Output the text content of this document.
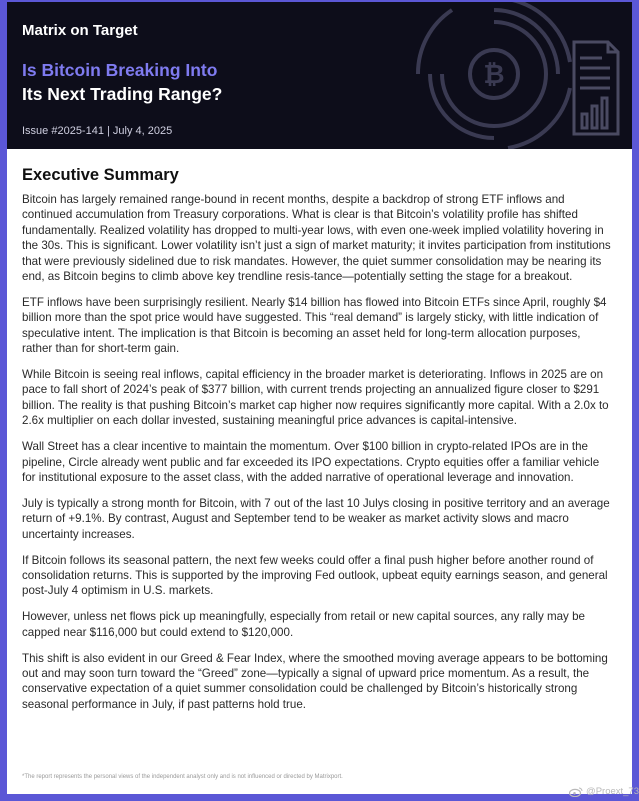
Matrix on Target
Is Bitcoin Breaking Into
Its Next Trading Range?
Issue #2025-141 | July 4, 2025
₿
Executive Summary

Bitcoin has largely remained range-bound in recent months, despite a backdrop of strong ETF inflows and continued accumulation from Treasury corporations. What is clear is that Bitcoin’s volatility profile has shifted fundamentally. Realized volatility has dropped to multi-year lows, with even one-week implied volatility hovering in the 30s. This is significant. Lower volatility isn’t just a sign of market maturity; it invites participation from institutions that were previously sidelined due to risk mandates. However, the quiet summer consolidation may be nearing its end, as Bitcoin begins to climb above key trendline resis-tance—potentially setting the stage for a breakout.

ETF inflows have been surprisingly resilient. Nearly $14 billion has flowed into Bitcoin ETFs since April, roughly $4 billion more than the spot price would have suggested. This “real demand” is largely sticky, with little indication of speculative intent. The implication is that Bitcoin is becoming an asset held for long-term allocation purposes, rather than for short-term gain.

While Bitcoin is seeing real inflows, capital efficiency in the broader market is deteriorating. Inflows in 2025 are on pace to fall short of 2024’s peak of $377 billion, with current trends projecting an annualized figure closer to $291 billion. The reality is that pushing Bitcoin’s market cap higher now requires significantly more capital. With a 2.0x to 2.6x multiplier on each dollar invested, sustaining meaningful price advances is capital-intensive.

Wall Street has a clear incentive to maintain the momentum. Over $100 billion in crypto-related IPOs are in the pipeline, Circle already went public and far exceeded its IPO expectations. Crypto equities offer a familiar vehicle for institutional exposure to the asset class, with the added narrative of operational leverage and innovation.

July is typically a strong month for Bitcoin, with 7 out of the last 10 Julys closing in positive territory and an average return of +9.1%. By contrast, August and September tend to be weaker as market activity slows and macro uncertainty increases.

If Bitcoin follows its seasonal pattern, the next few weeks could offer a final push higher before another round of consolidation returns. This is supported by the improving Fed outlook, upbeat equity earnings season, and general post-July 4 optimism in U.S. markets.

However, unless net flows pick up meaningfully, especially from retail or new capital sources, any rally may be capped near $116,000 but could extend to $120,000.

This shift is also evident in our Greed & Fear Index, where the smoothed moving average appears to be bottoming out and may soon turn toward the “Greed” zone—typically a signal of upward price momentum. As a result, the conservative expectation of a quiet summer consolidation could be challenged by Bitcoin’s historically strong seasonal performance in July, if past patterns hold true.

*The report represents the personal views of the independent analyst only and is not influenced or directed by Matrixport.
@Proext_73
